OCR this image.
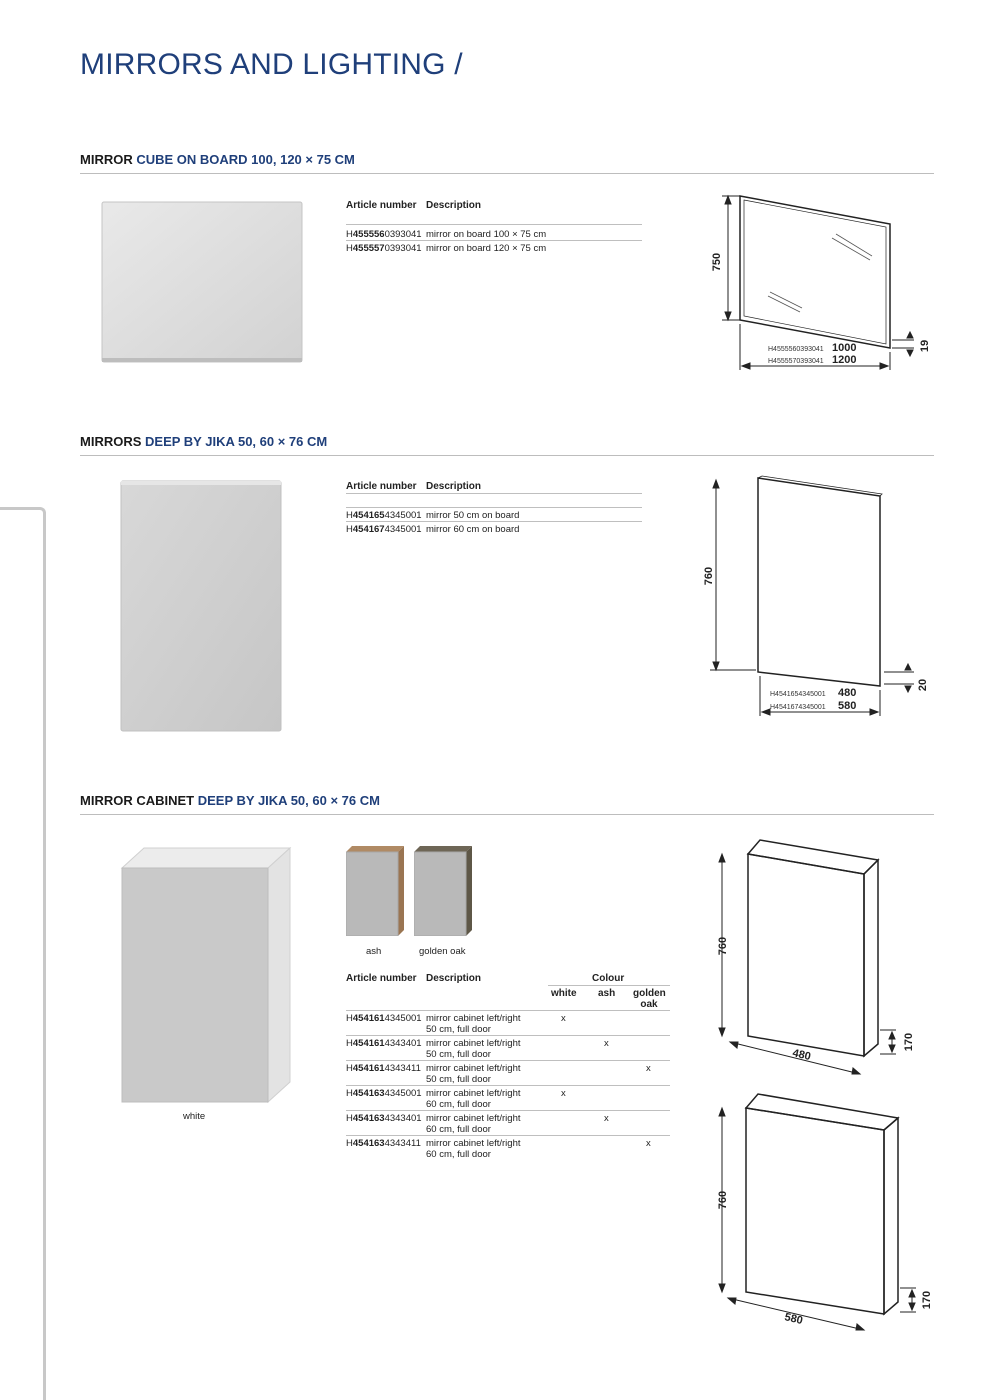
MIRRORS AND LIGHTING /
MIRROR CUBE ON BOARD 100, 120 × 75 CM
Article number Description
H4555560393041 mirror on board 100 × 75 cm
H4555570393041 mirror on board 120 × 75 cm
750
H4555560393041 1000
H4555570393041 1200
19
MIRRORS DEEP BY JIKA 50, 60 × 76 CM
Article number Description
H4541654345001 mirror 50 cm on board
H4541674345001 mirror 60 cm on board
760
H4541654345001 480
H4541674345001 580
20
MIRROR CABINET DEEP BY JIKA 50, 60 × 76 CM
white
ash	golden oak
Article number Description	Colour
white ash golden oak
H4541614345001 mirror cabinet left/right
50 cm, full door
x
H4541614343401 mirror cabinet left/right
50 cm, full door
x
H4541614343411 mirror cabinet left/right
50 cm, full door
x
H4541634345001 mirror cabinet left/right
60 cm, full door
x
H4541634343401 mirror cabinet left/right
60 cm, full door
x
H4541634343411 mirror cabinet left/right
60 cm, full door
x
760
480
170
760
580
170
